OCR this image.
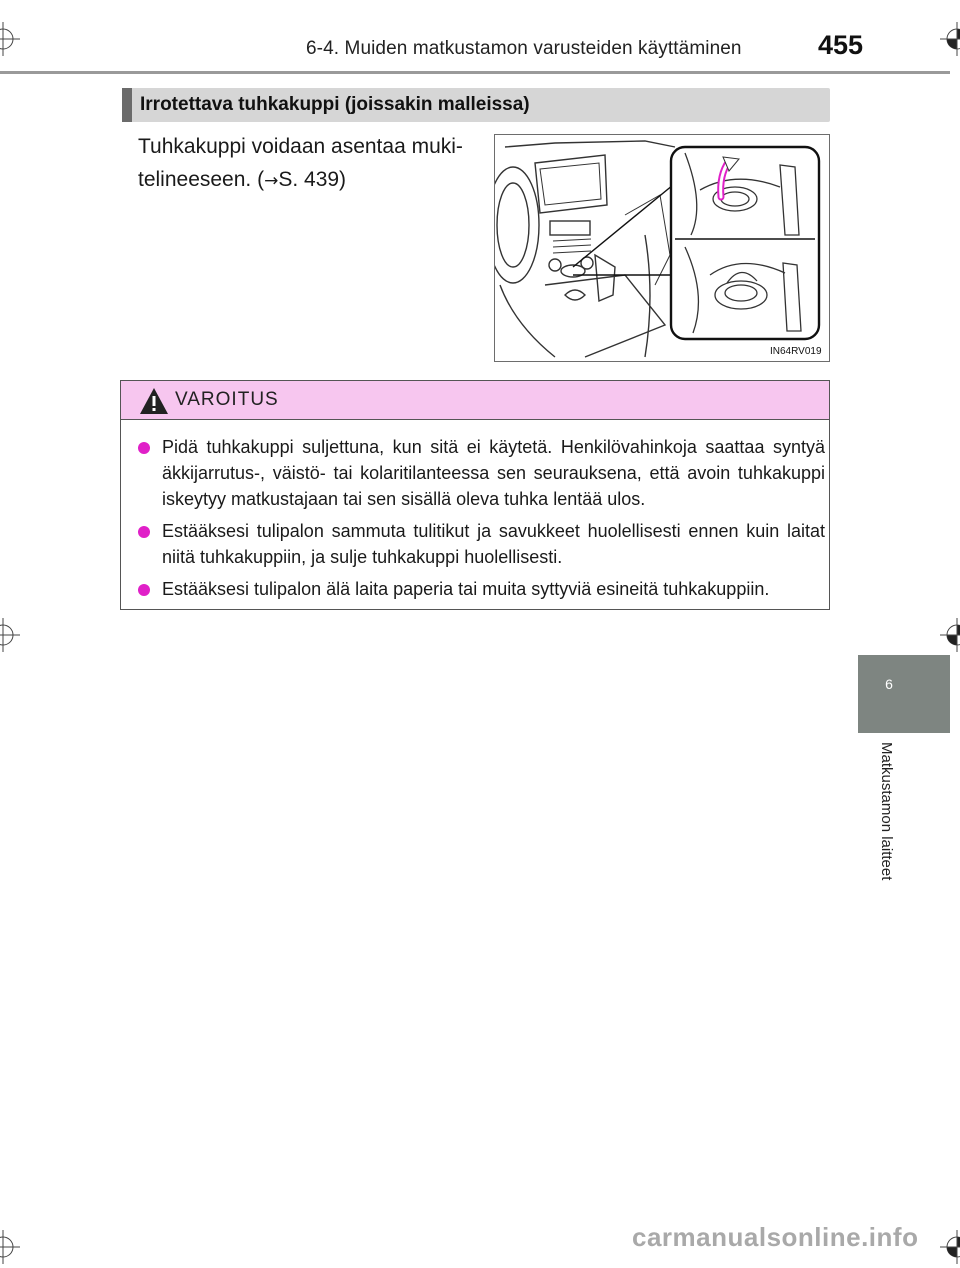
6-4. Muiden matkustamon varusteiden käyttäminen	455
Irrotettava tuhkakuppi (joissakin malleissa)
Tuhkakuppi voidaan asentaa muki-
telineeseen. (→S. 439)
IN64RV019
VAROITUS
Pidä tuhkakuppi suljettuna, kun sitä ei käytetä. Henkilövahinkoja saattaa syntyä äkkijarrutus-, väistö- tai kolaritilanteessa sen seurauksena, että avoin tuhkakuppi iskeytyy matkustajaan tai sen sisällä oleva tuhka lentää ulos.
Estääksesi tulipalon sammuta tulitikut ja savukkeet huolellisesti ennen kuin laitat niitä tuhkakuppiin, ja sulje tuhkakuppi huolellisesti.
Estääksesi tulipalon älä laita paperia tai muita syttyviä esineitä tuhkakuppiin.
6
Matkustamon laitteet
carmanualsonline.info
